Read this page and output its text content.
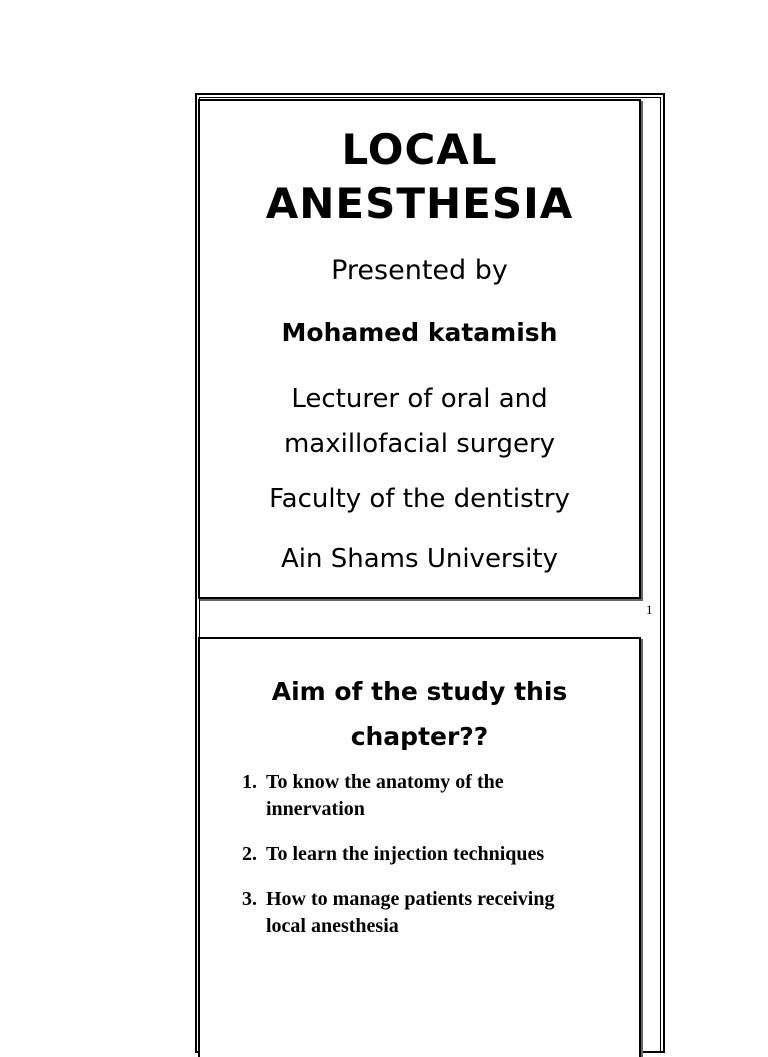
LOCAL
ANESTHESIA
Presented by
Mohamed katamish
Lecturer of oral and
maxillofacial surgery
Faculty of the dentistry
Ain Shams University
1
Aim of the study this
chapter??
1. To know the anatomy of the
innervation
2. To learn the injection techniques
3. How to manage patients receiving
local anesthesia
